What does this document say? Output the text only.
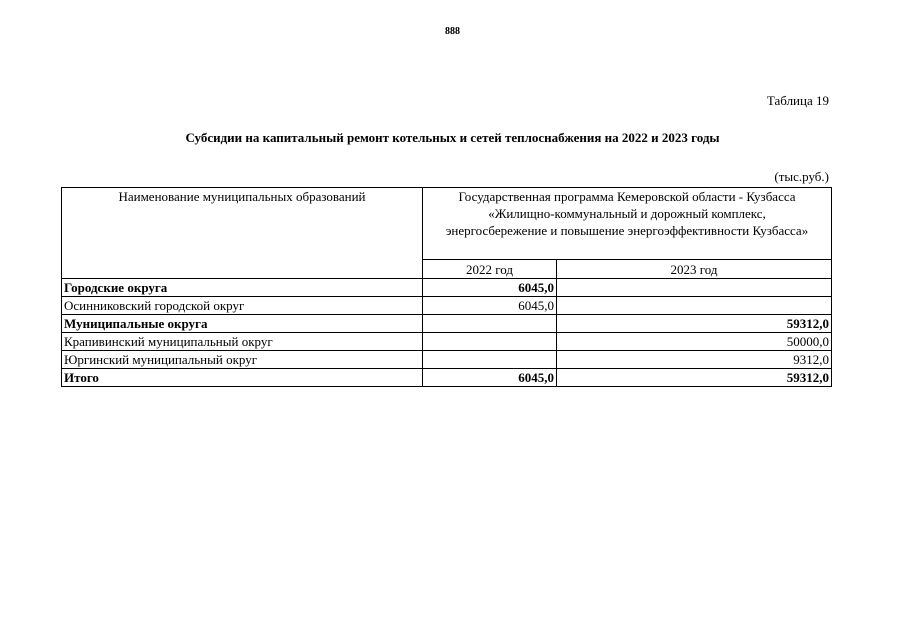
888
Таблица 19
Субсидии на капитальный ремонт котельных и сетей теплоснабжения на 2022 и 2023 годы
(тыс.руб.)
Наименование муниципальных образований	Государственная программа Кемеровской области - Кузбасса
«Жилищно-коммунальный и дорожный комплекс,
энергосбережение и повышение энергоэффективности Кузбасса»	

	2022 год	2023 год
Городские округа	6045,0	
Осинниковский городской округ	6045,0	
Муниципальные округа		59312,0
Крапивинский муниципальный округ		50000,0
Юргинский муниципальный округ		9312,0
Итого	6045,0	59312,0
